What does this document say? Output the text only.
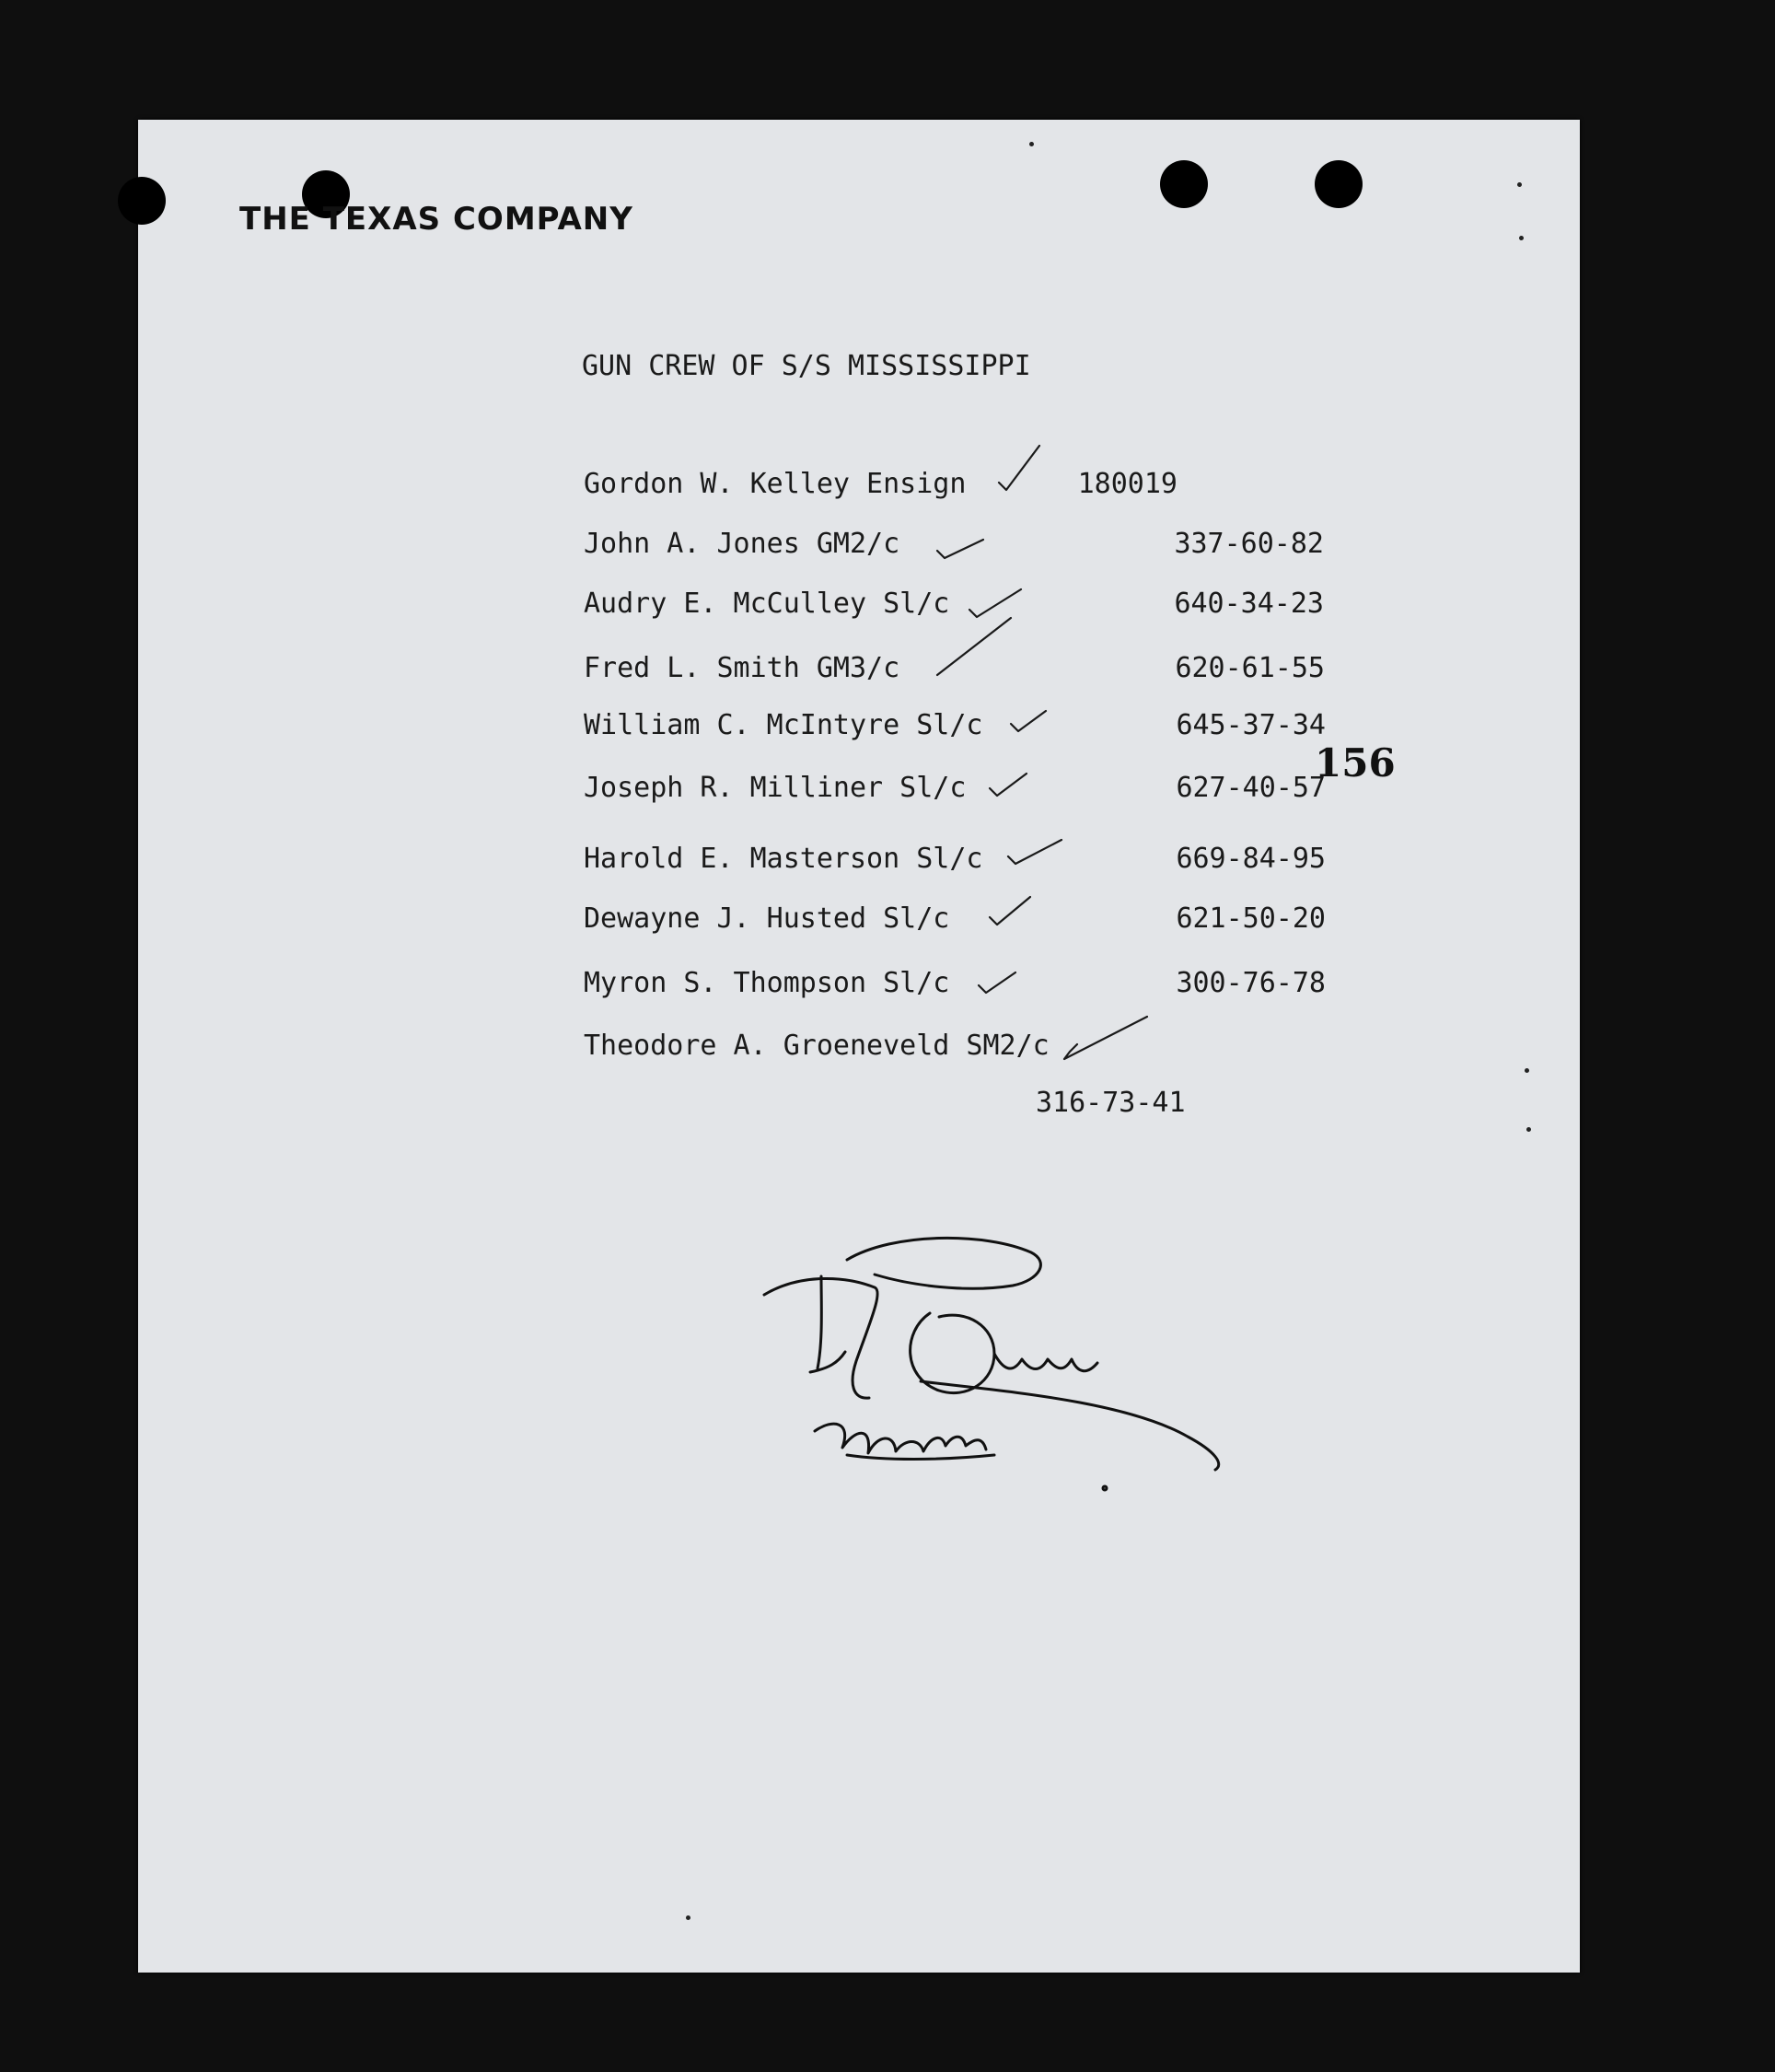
THE TEXAS COMPANY
GUN CREW OF S/S MISSISSIPPI
Gordon W. Kelley Ensign	180019
John A. Jones GM2/c	337-60-82
Audry E. McCulley Sl/c	640-34-23
Fred L. Smith GM3/c	620-61-55
William C. McIntyre Sl/c	645-37-34
Joseph R. Milliner Sl/c	627-40-57
Harold E. Masterson Sl/c	669-84-95
Dewayne J. Husted Sl/c	621-50-20
Myron S. Thompson Sl/c	300-76-78
Theodore A. Groeneveld SM2/c
316-73-41
156
